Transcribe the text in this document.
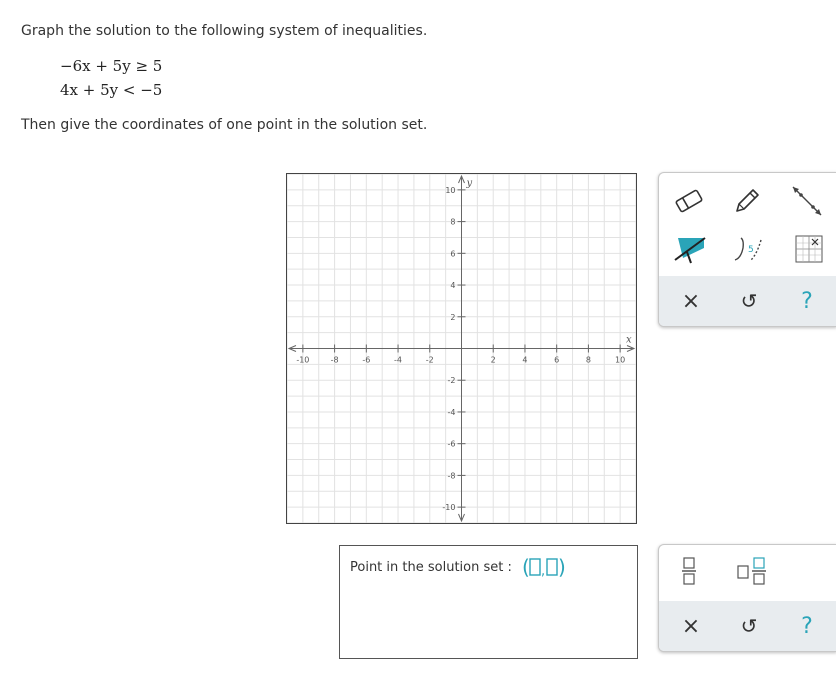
Graph the solution to the following system of inequalities.
−6x + 5y ≥ 5
4x + 5y < −5
Then give the coordinates of one point in the solution set.
-10	-8	-6	-4	-2	2	4	6	8	10
10
8
6
4
2
-2
-4
-6
-8
-10
x
y
5
× ↺ ?
Point in the solution set : ( , )
× ↺ ?
